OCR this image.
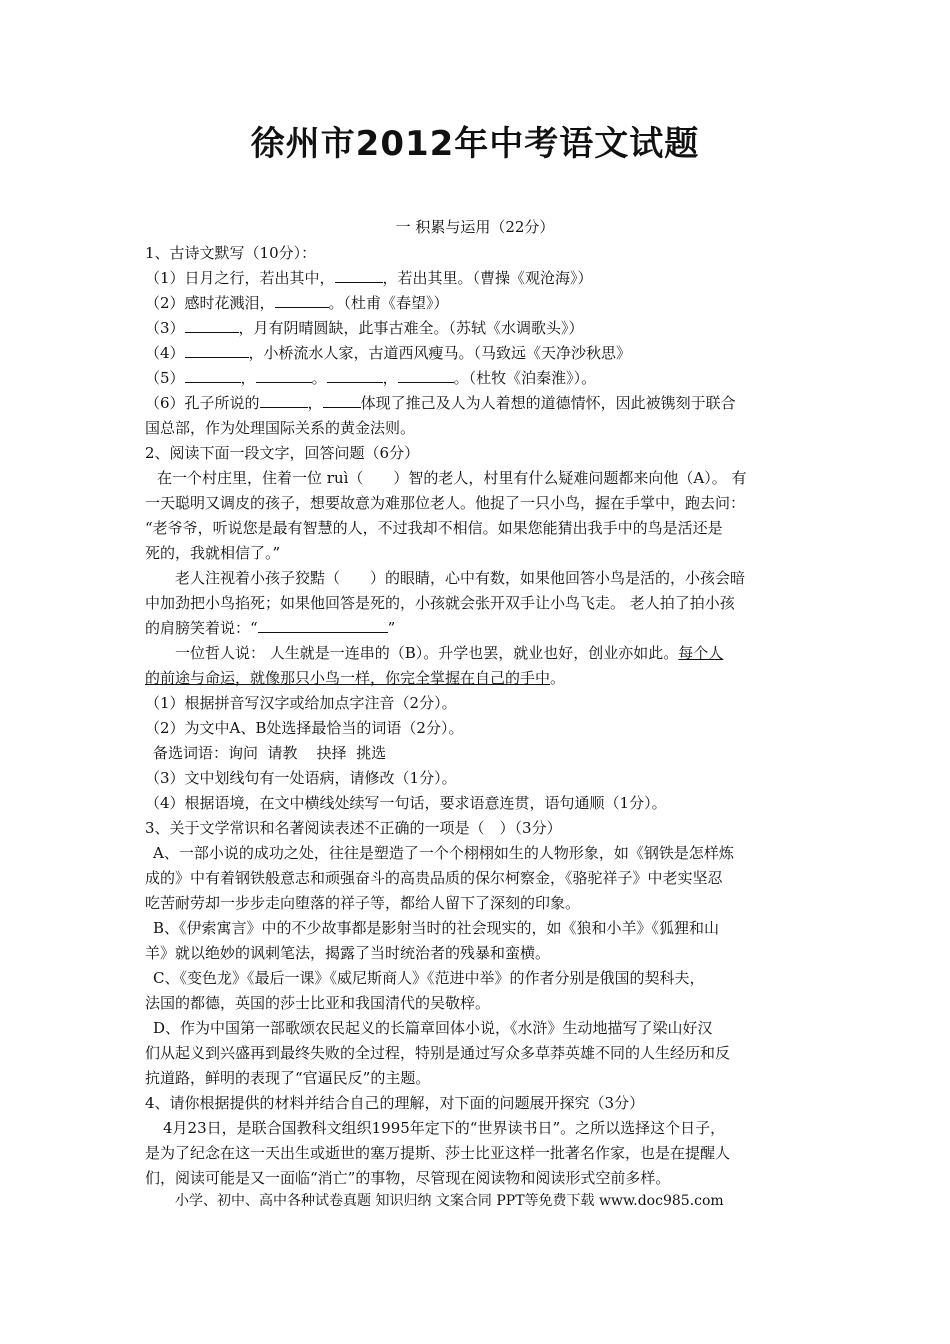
徐州市2012年中考语文试题
一 积累与运用（22分）
1、古诗文默写（10分）：
（1）日月之行，若出其中，	，若出其里。（曹操《观沧海》）
（2）感时花溅泪，	。（杜甫《春望》）
（3）	，月有阴晴圆缺，此事古难全。（苏轼《水调歌头》）
（4）	，小桥流水人家，古道西风瘦马。（马致远《天净沙秋思》
（5）	，	。	，	。（杜牧《泊秦淮》）。
（6）孔子所说的	，	体现了推己及人为人着想的道德情怀，因此被镌刻于联合
国总部，作为处理国际关系的黄金法则。
2、阅读下面一段文字，回答问题（6分）
在一个村庄里，住着一位 ruì（　　）智的老人，村里有什么疑难问题都来向他（A）。 有
一天聪明又调皮的孩子，想要故意为难那位老人。他捉了一只小鸟，握在手掌中，跑去问：
“老爷爷，听说您是最有智慧的人，不过我却不相信。如果您能猜出我手中的鸟是活还是
死的，我就相信了。”
老人注视着小孩子狡黠（　　）的眼睛，心中有数，如果他回答小鸟是活的，小孩会暗
中加劲把小鸟掐死；如果他回答是死的，小孩就会张开双手让小鸟飞走。 老人拍了拍小孩
的肩膀笑着说：“	”
一位哲人说： 人生就是一连串的（B）。升学也罢，就业也好，创业亦如此。每个人
的前途与命运，就像那只小鸟一样，你完全掌握在自己的手中。
（1）根据拼音写汉字或给加点字注音（2分）。
（2）为文中A、B处选择最恰当的词语（2分）。
备选词语：询问  请教    抉择  挑选
（3）文中划线句有一处语病，请修改（1分）。
（4）根据语境，在文中横线处续写一句话，要求语意连贯，语句通顺（1分）。
3、关于文学常识和名著阅读表述不正确的一项是（　）（3分）
A、一部小说的成功之处，往往是塑造了一个个栩栩如生的人物形象，如《钢铁是怎样炼
成的》中有着钢铁般意志和顽强奋斗的高贵品质的保尔柯察金，《骆驼祥子》中老实坚忍
吃苦耐劳却一步步走向堕落的祥子等，都给人留下了深刻的印象。
B、《伊索寓言》中的不少故事都是影射当时的社会现实的，如《狼和小羊》《狐狸和山
羊》就以绝妙的讽刺笔法，揭露了当时统治者的残暴和蛮横。
C、《变色龙》《最后一课》《威尼斯商人》《范进中举》的作者分别是俄国的契科夫，
法国的都德，英国的莎士比亚和我国清代的吴敬梓。
D、作为中国第一部歌颂农民起义的长篇章回体小说，《水浒》生动地描写了梁山好汉
们从起义到兴盛再到最终失败的全过程，特别是通过写众多草莽英雄不同的人生经历和反
抗道路，鲜明的表现了“官逼民反”的主题。
4、请你根据提供的材料并结合自己的理解，对下面的问题展开探究（3分）
4月23日，是联合国教科文组织1995年定下的“世界读书日”。之所以选择这个日子，
是为了纪念在这一天出生或逝世的塞万提斯、莎士比亚这样一批著名作家，也是在提醒人
们，阅读可能是又一面临“消亡”的事物，尽管现在阅读物和阅读形式空前多样。
小学、初中、高中各种试卷真题 知识归纳 文案合同 PPT等免费下载 www.doc985.com
